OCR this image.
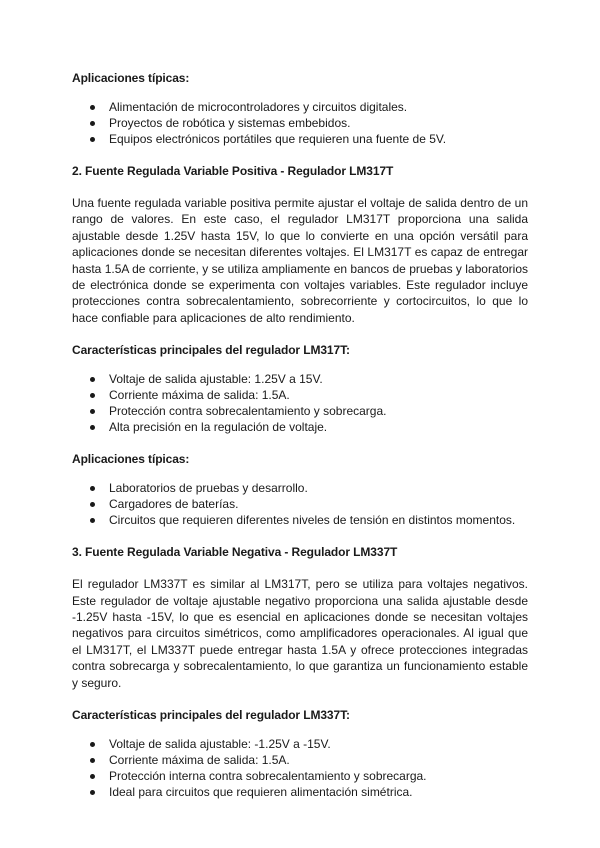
Aplicaciones típicas:
Alimentación de microcontroladores y circuitos digitales.
Proyectos de robótica y sistemas embebidos.
Equipos electrónicos portátiles que requieren una fuente de 5V.
2. Fuente Regulada Variable Positiva - Regulador LM317T

Una fuente regulada variable positiva permite ajustar el voltaje de salida dentro de un rango de valores. En este caso, el regulador LM317T proporciona una salida ajustable desde 1.25V hasta 15V, lo que lo convierte en una opción versátil para aplicaciones donde se necesitan diferentes voltajes. El LM317T es capaz de entregar hasta 1.5A de corriente, y se utiliza ampliamente en bancos de pruebas y laboratorios de electrónica donde se experimenta con voltajes variables. Este regulador incluye protecciones contra sobrecalentamiento, sobrecorriente y cortocircuitos, lo que lo hace confiable para aplicaciones de alto rendimiento.

Características principales del regulador LM317T:
Voltaje de salida ajustable: 1.25V a 15V.
Corriente máxima de salida: 1.5A.
Protección contra sobrecalentamiento y sobrecarga.
Alta precisión en la regulación de voltaje.
Aplicaciones típicas:
Laboratorios de pruebas y desarrollo.
Cargadores de baterías.
Circuitos que requieren diferentes niveles de tensión en distintos momentos.
3. Fuente Regulada Variable Negativa - Regulador LM337T

El regulador LM337T es similar al LM317T, pero se utiliza para voltajes negativos. Este regulador de voltaje ajustable negativo proporciona una salida ajustable desde -1.25V hasta -15V, lo que es esencial en aplicaciones donde se necesitan voltajes negativos para circuitos simétricos, como amplificadores operacionales. Al igual que el LM317T, el LM337T puede entregar hasta 1.5A y ofrece protecciones integradas contra sobrecarga y sobrecalentamiento, lo que garantiza un funcionamiento estable y seguro.

Características principales del regulador LM337T:
Voltaje de salida ajustable: -1.25V a -15V.
Corriente máxima de salida: 1.5A.
Protección interna contra sobrecalentamiento y sobrecarga.
Ideal para circuitos que requieren alimentación simétrica.
